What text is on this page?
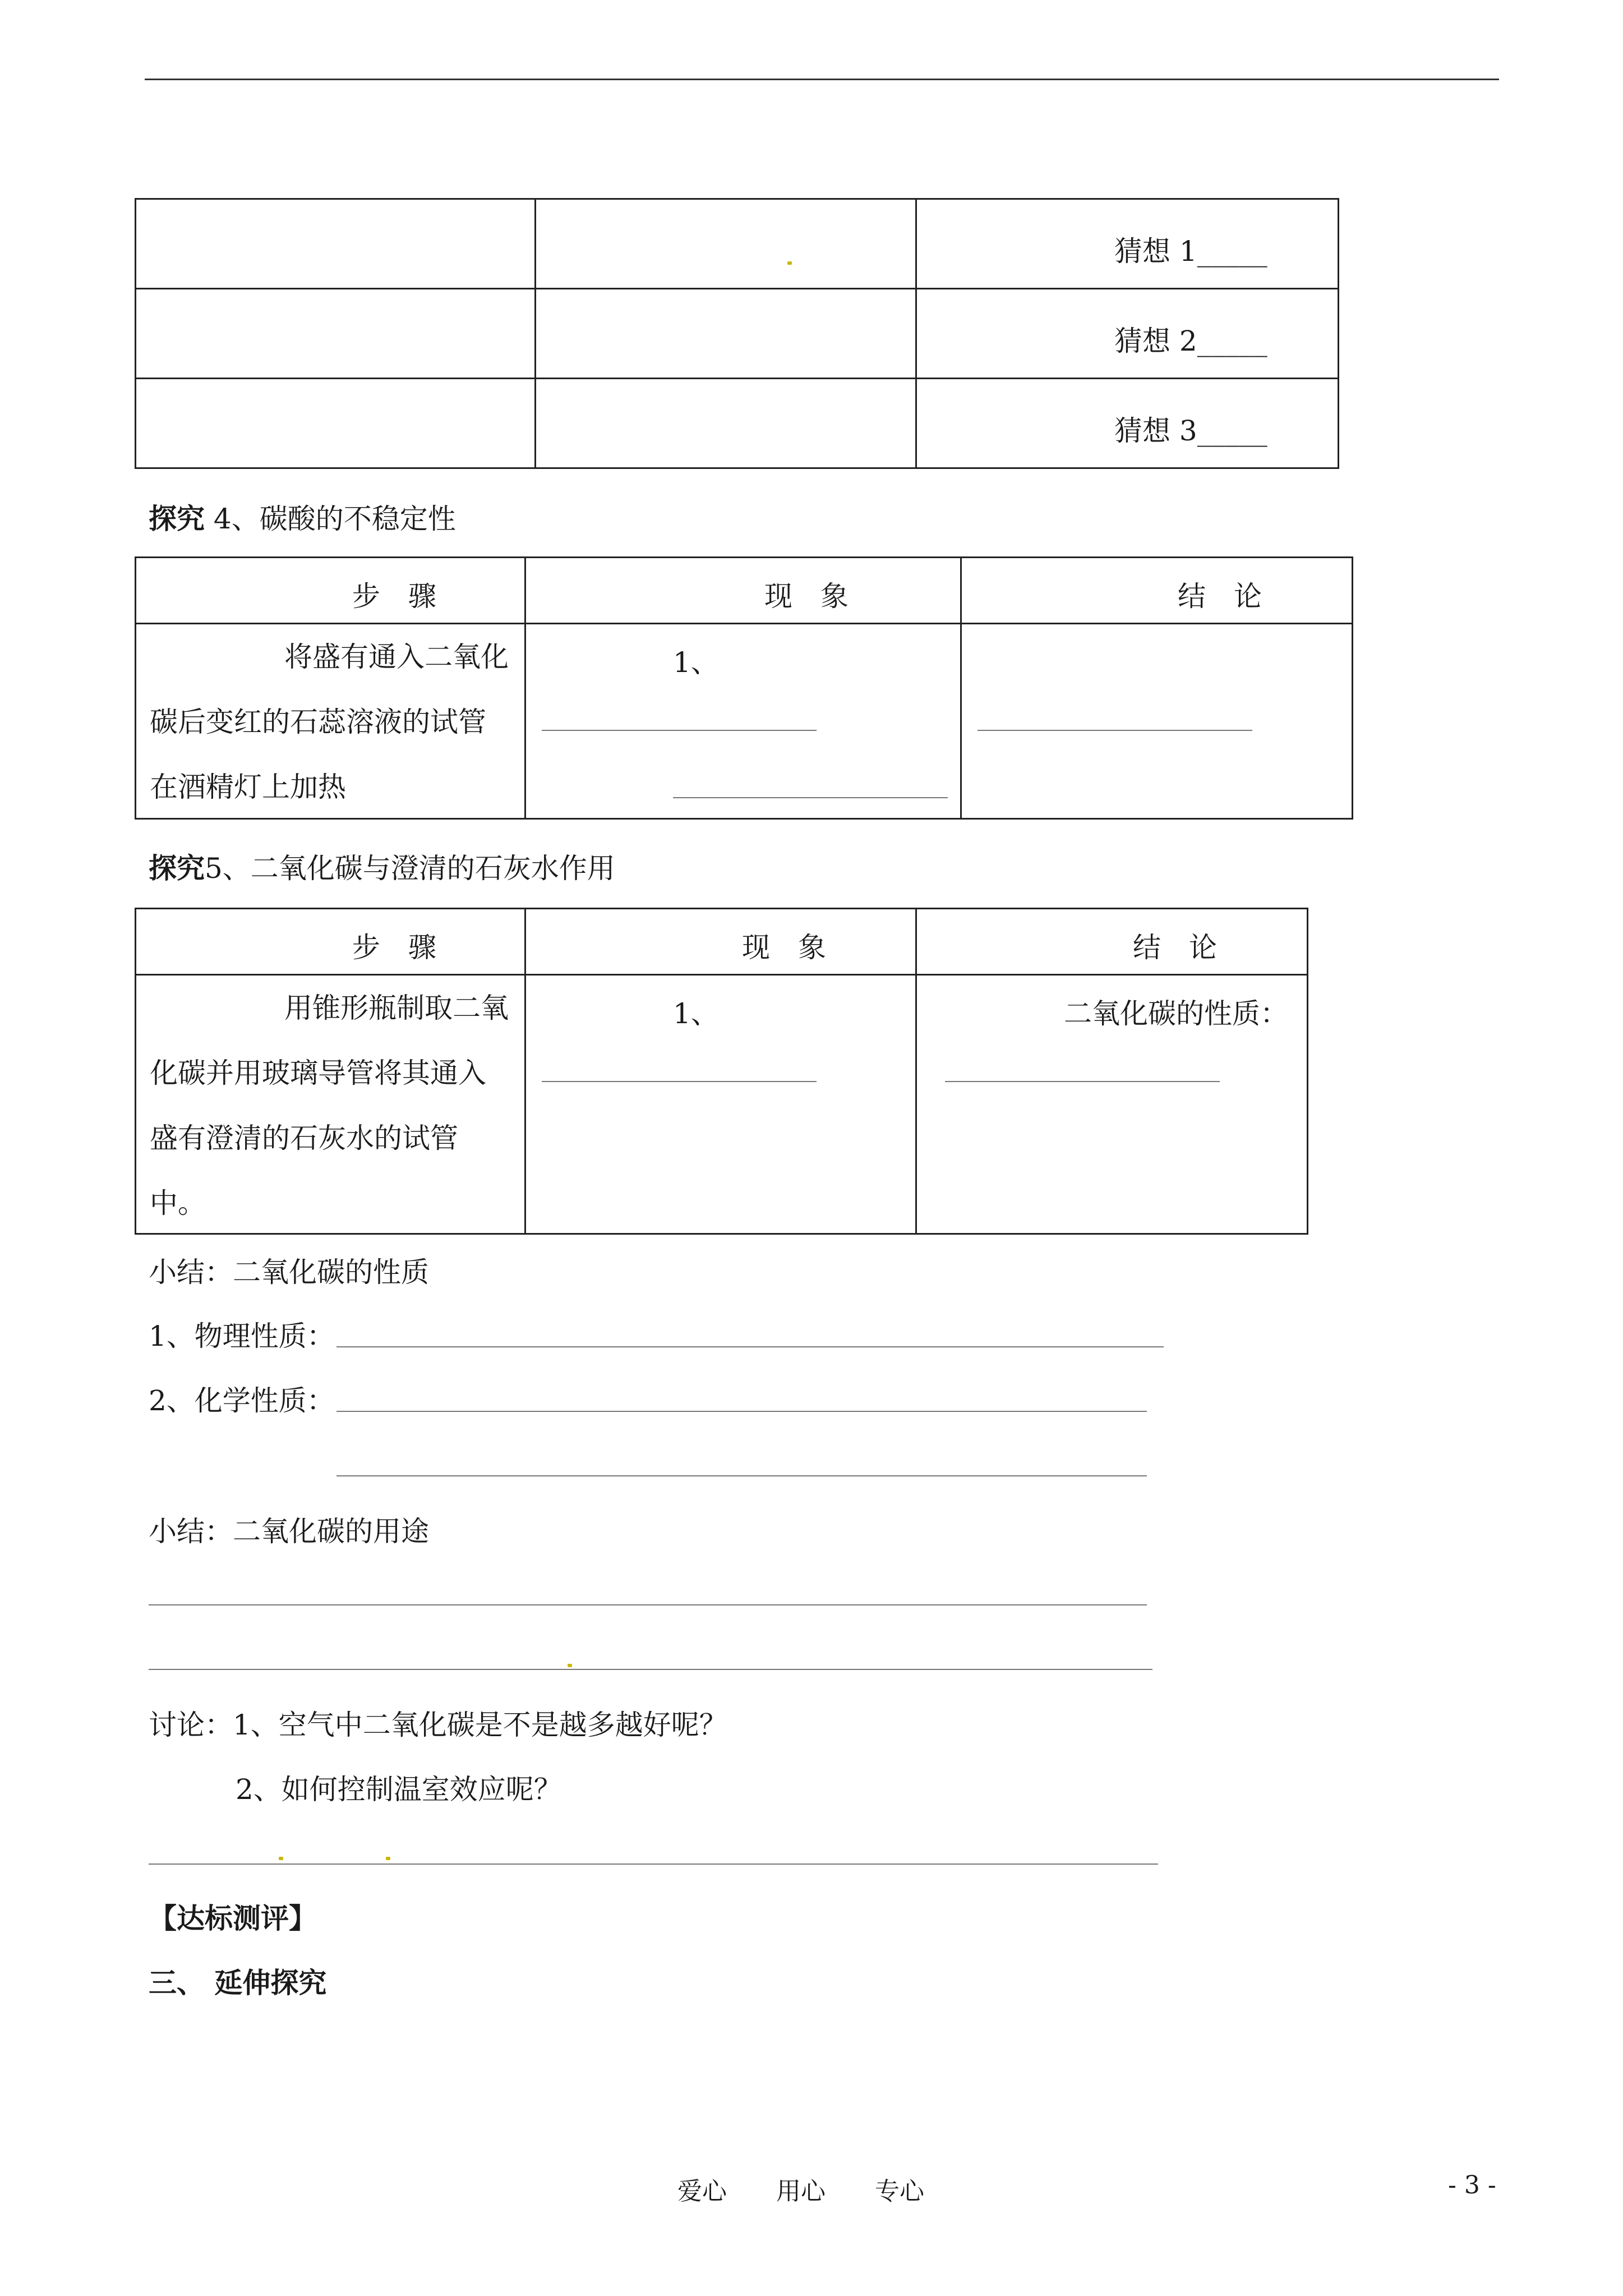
		猜想 1_____

		猜想 2_____

		猜想 3_____
探究 4、碳酸的不稳定性
步　骤	现　象	结　论

将盛有通入二氧化碳后变红的石蕊溶液的试管在酒精灯上加热	1、	

探究5、二氧化碳与澄清的石灰水作用
步　骤	现　象	结　论

用锥形瓶制取二氧化碳并用玻璃导管将其通入盛有澄清的石灰水的试管中。	1、	二氧化碳的性质：
小结：二氧化碳的性质
1、物理性质：
2、化学性质：
小结：二氧化碳的用途
讨论：1、空气中二氧化碳是不是越多越好呢？
2、如何控制温室效应呢？
【达标测评】
三、 延伸探究
爱心　　用心　　专心	- 3 -
